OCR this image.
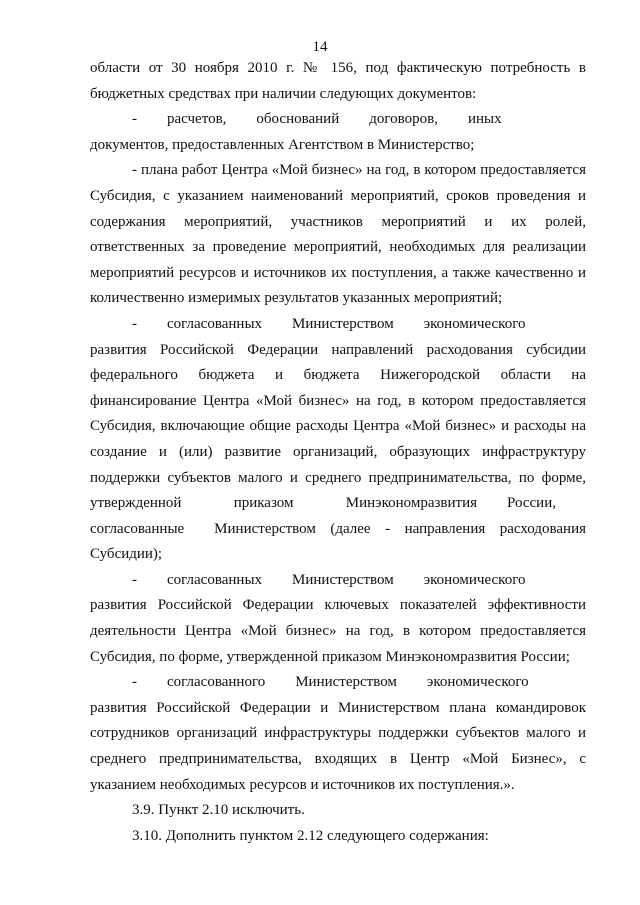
14

области от 30 ноября 2010 г. № 156, под фактическую потребность в бюджетных средствах при наличии следующих документов:

-  расчетов,  обоснований  договоров,  иных  документов, предоставленных Агентством в Министерство;

- плана работ Центра «Мой бизнес» на год, в котором предоставляется Субсидия, с указанием наименований мероприятий, сроков проведения и содержания мероприятий, участников мероприятий и их ролей, ответственных за проведение мероприятий, необходимых для реализации мероприятий ресурсов и источников их поступления, а также качественно и количественно измеримых результатов указанных мероприятий;

-  согласованных  Министерством  экономического  развития Российской Федерации направлений расходования субсидии федерального бюджета и бюджета Нижегородской области на финансирование Центра «Мой бизнес» на год, в котором предоставляется Субсидия, включающие общие расходы Центра «Мой бизнес» и расходы на создание и (или) развитие организаций, образующих инфраструктуру поддержки субъектов малого и среднего предпринимательства, по форме, утвержденной приказом Минэкономразвития  России,  согласованные  Министерством (далее - направления расходования Субсидии);

-  согласованных  Министерством  экономического  развития Российской Федерации ключевых показателей эффективности деятельности Центра «Мой бизнес» на год, в котором предоставляется Субсидия, по форме, утвержденной приказом Минэкономразвития России;

-  согласованного  Министерством  экономического  развития Российской Федерации и Министерством плана командировок сотрудников организаций инфраструктуры поддержки субъектов малого и среднего предпринимательства, входящих в Центр «Мой Бизнес», с указанием необходимых ресурсов и источников их поступления.».

3.9. Пункт 2.10 исключить.

3.10. Дополнить пунктом 2.12 следующего содержания:
